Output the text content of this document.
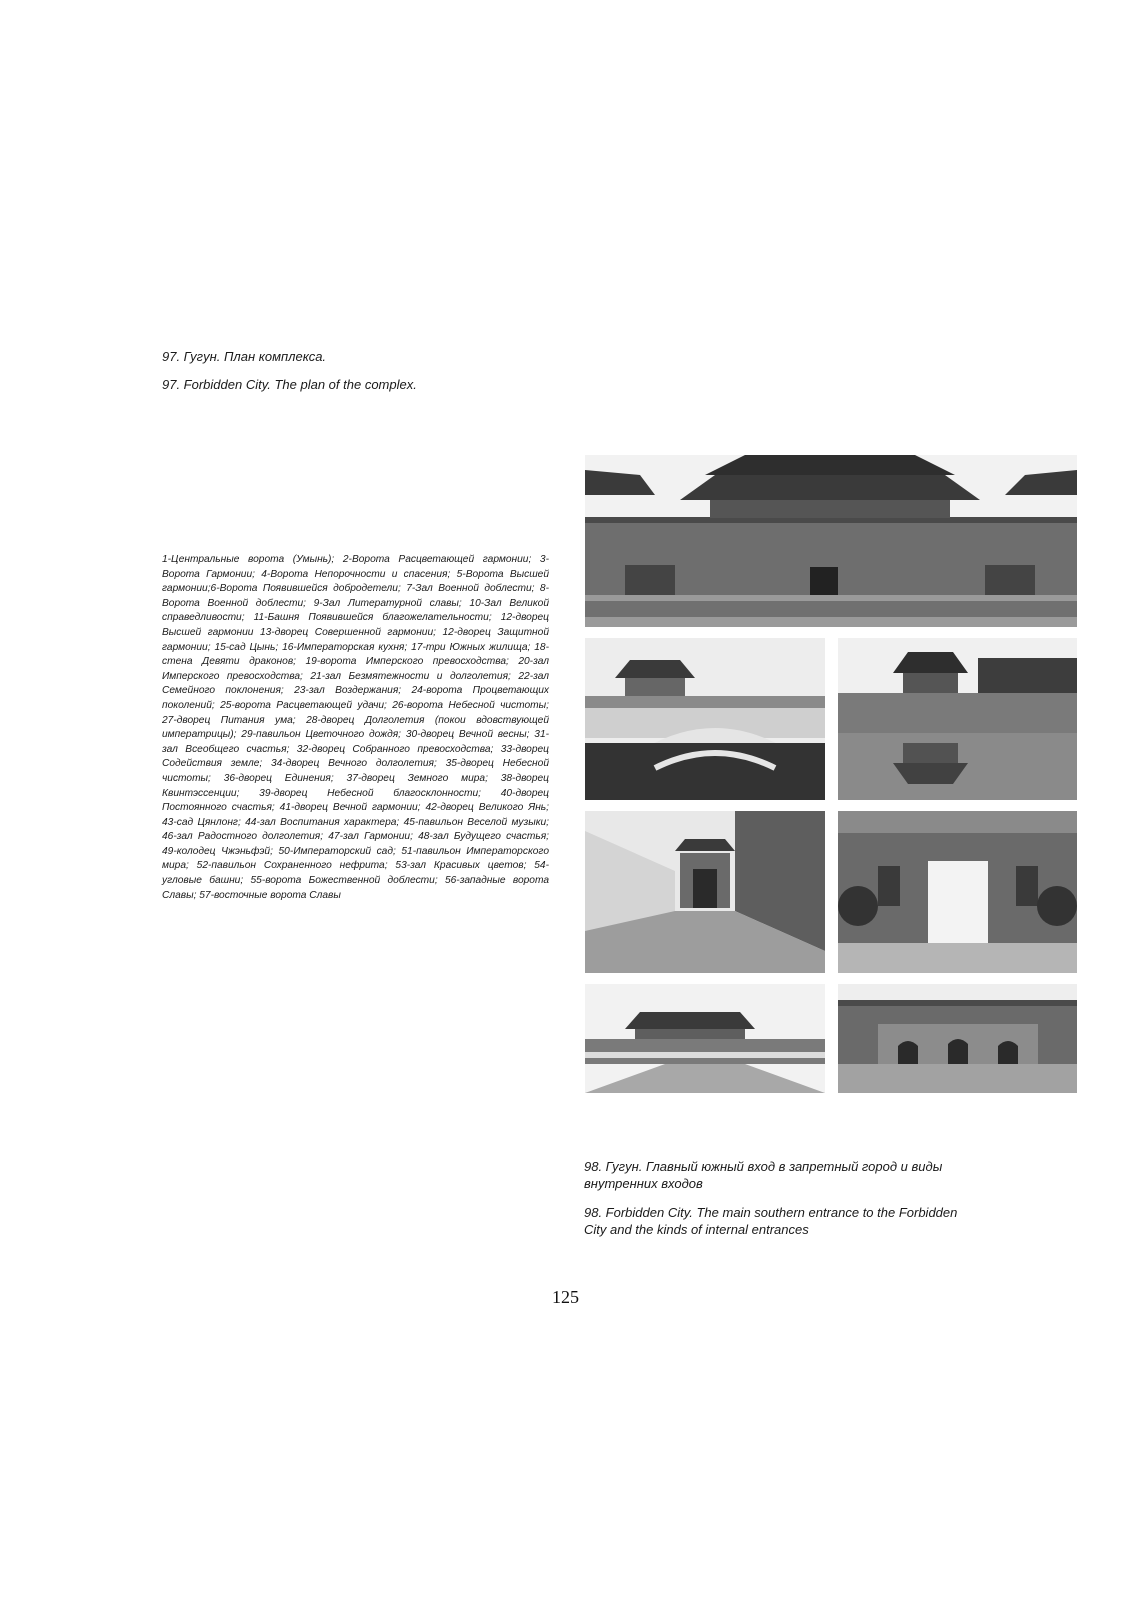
97. Гугун. План комплекса.
97. Forbidden City. The plan of the complex.
1-Центральные ворота (Умынь); 2-Ворота Расцветающей гармонии; 3-Ворота Гармонии; 4-Ворота Непорочности и спасения; 5-Ворота Высшей гармонии;6-Ворота Появившейся добродетели; 7-Зал Военной доблести; 8-Ворота Военной доблести; 9-Зал Литературной славы; 10-Зал Великой справедливости; 11-Башня Появившейся благожелательности; 12-дворец Высшей гармонии 13-дворец Совершенной гармонии; 12-дворец Защитной гармонии; 15-сад Цынь; 16-Императорская кухня; 17-три Южных жилища; 18-стена Девяти драконов; 19-ворота Имперского превосходства; 20-зал Имперского превосходства; 21-зал Безмятежности и долголетия; 22-зал Семейного поклонения; 23-зал Воздержания; 24-ворота Процветающих поколений; 25-ворота Расцветающей удачи; 26-ворота Небесной чистоты; 27-дворец Питания ума; 28-дворец Долголетия (покои вдовствующей императрицы); 29-павильон Цветочного дождя; 30-дворец Вечной весны; 31-зал Всеобщего счастья; 32-дворец Собранного превосходства; 33-дворец Содействия земле; 34-дворец Вечного долголетия; 35-дворец Небесной чистоты; 36-дворец Единения; 37-дворец Земного мира; 38-дворец Квинтэссенции; 39-дворец Небесной благосклонности; 40-дворец Постоянного счастья; 41-дворец Вечной гармонии; 42-дворец Великого Янь; 43-сад Цянлонг; 44-зал Воспитания характера; 45-павильон Веселой музыки; 46-зал Радостного долголетия; 47-зал Гармонии; 48-зал Будущего счастья; 49-колодец Чжэньфэй; 50-Императорский сад; 51-павильон Императорского мира; 52-павильон Сохраненного нефрита; 53-зал Красивых цветов; 54-угловые башни; 55-ворота Божественной доблести; 56-западные ворота Славы; 57-восточные ворота Славы
98. Гугун. Главный южный вход в запретный город и виды внутренних входов
98. Forbidden City. The main southern entrance to the Forbidden City and the kinds of internal entrances
125
